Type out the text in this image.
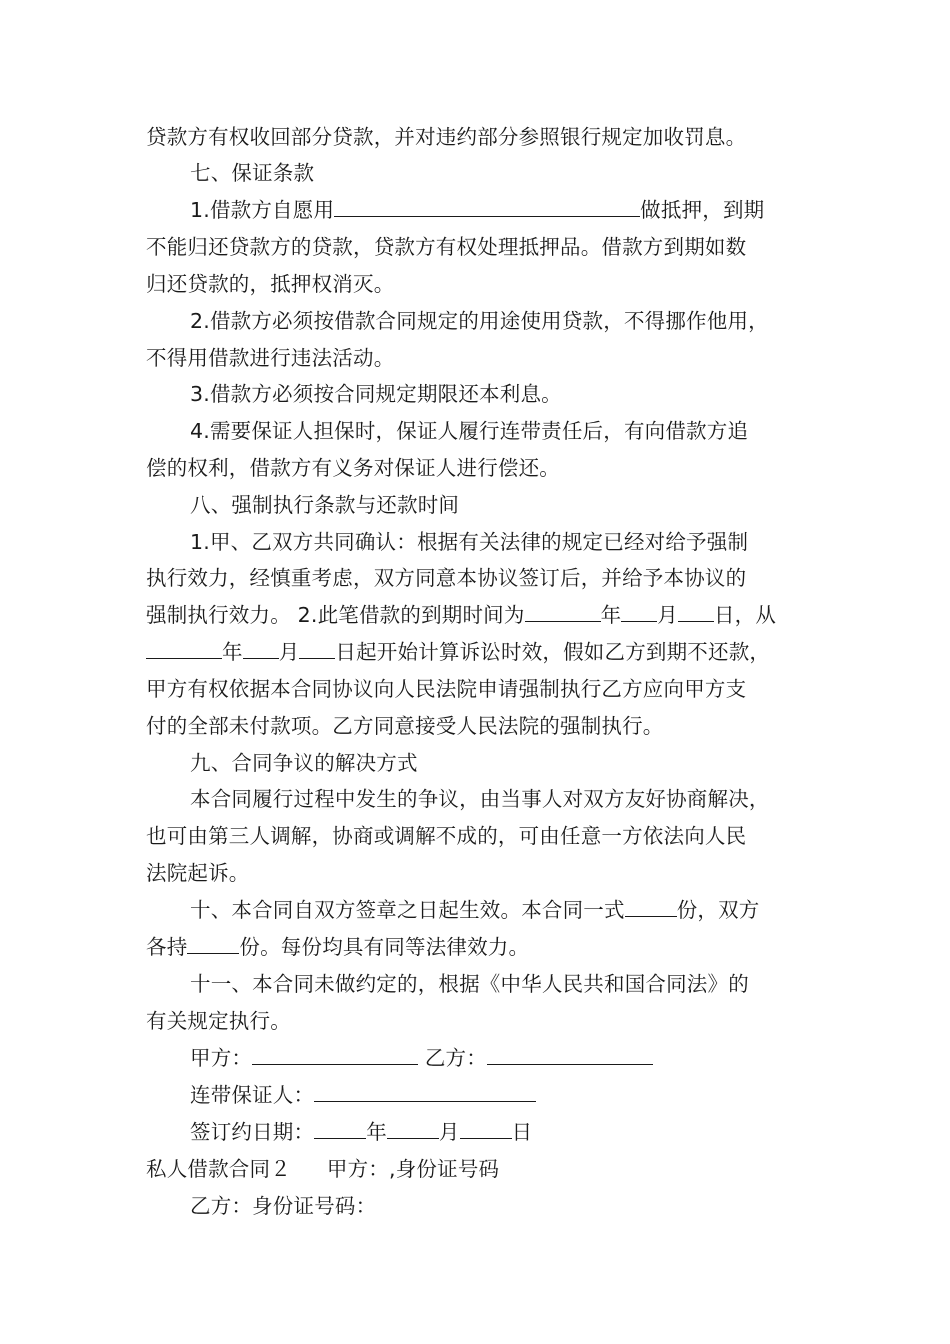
贷款方有权收回部分贷款，并对违约部分参照银行规定加收罚息。
七、保证条款
1.借款方自愿用	做抵押，到期
不能归还贷款方的贷款，贷款方有权处理抵押品。借款方到期如数
归还贷款的，抵押权消灭。
2.借款方必须按借款合同规定的用途使用贷款，不得挪作他用，
不得用借款进行违法活动。
3.借款方必须按合同规定期限还本利息。
4.需要保证人担保时，保证人履行连带责任后，有向借款方追
偿的权利，借款方有义务对保证人进行偿还。
八、强制执行条款与还款时间
1.甲、乙双方共同确认：根据有关法律的规定已经对给予强制
执行效力，经慎重考虑，双方同意本协议签订后，并给予本协议的
强制执行效力。 2.此笔借款的到期时间为	年 月 日，从
年 月 日起开始计算诉讼时效，假如乙方到期不还款，
甲方有权依据本合同协议向人民法院申请强制执行乙方应向甲方支
付的全部未付款项。乙方同意接受人民法院的强制执行。
九、合同争议的解决方式
本合同履行过程中发生的争议，由当事人对双方友好协商解决，
也可由第三人调解，协商或调解不成的，可由任意一方依法向人民
法院起诉。
十、本合同自双方签章之日起生效。本合同一式	份，双方
各持	份。每份均具有同等法律效力。
十一、本合同未做约定的，根据《中华人民共和国合同法》的
有关规定执行。
甲方：	乙方：
连带保证人：
签订约日期：	年	月	日
私人借款合同２ 甲方：,身份证号码
乙方：身份证号码：
